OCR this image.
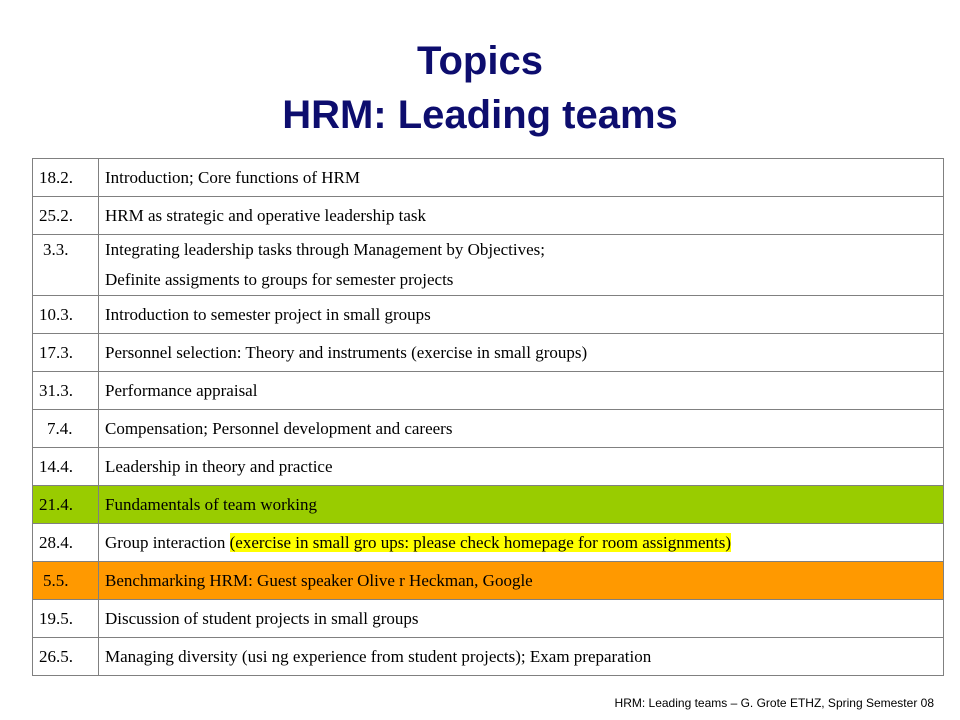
Topics
HRM: Leading teams
18.2.	Introduction; Core functions of HRM
25.2.	HRM as strategic and operative leadership task
3.3.	Integrating leadership tasks through Management by Objectives;
Definite assigments to groups for semester projects
10.3.	Introduction to semester project in small groups
17.3.	Personnel selection: Theory and instruments (exercise in small groups)
31.3.	Performance appraisal
7.4.	Compensation; Personnel development and careers
14.4.	Leadership in theory and practice
21.4.	Fundamentals of team working
28.4.	Group interaction (exercise in small gro ups: please check homepage for room assignments)
5.5.	Benchmarking HRM: Guest speaker Olive r Heckman, Google
19.5.	Discussion of student projects in small groups
26.5.	Managing diversity (usi ng experience from student projects); Exam preparation
HRM: Leading teams – G. Grote ETHZ, Spring Semester 08
